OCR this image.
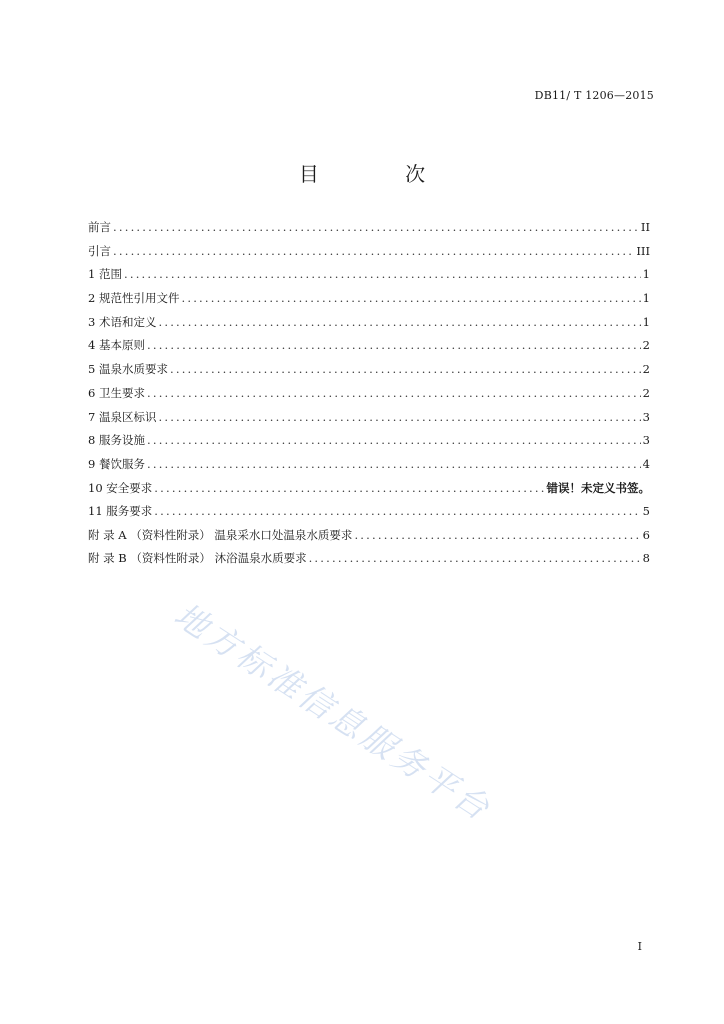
DB11/ T 1206—2015
目 次
前言 .....	II
引言 .....	III
1 范围 .....	1
2 规范性引用文件 .....	1
3 术语和定义 .....	1
4 基本原则 .....	2
5 温泉水质要求 .....	2
6 卫生要求 .....	2
7 温泉区标识 .....	3
8 服务设施 .....	3
9 餐饮服务 .....	4
10 安全要求 .....	错误！未定义书签。
11 服务要求 .....	5
附 录 A （资料性附录） 温泉采水口处温泉水质要求 .....	6
附 录 B （资料性附录） 沐浴温泉水质要求 .....	8
地方标准信息服务平台
I
